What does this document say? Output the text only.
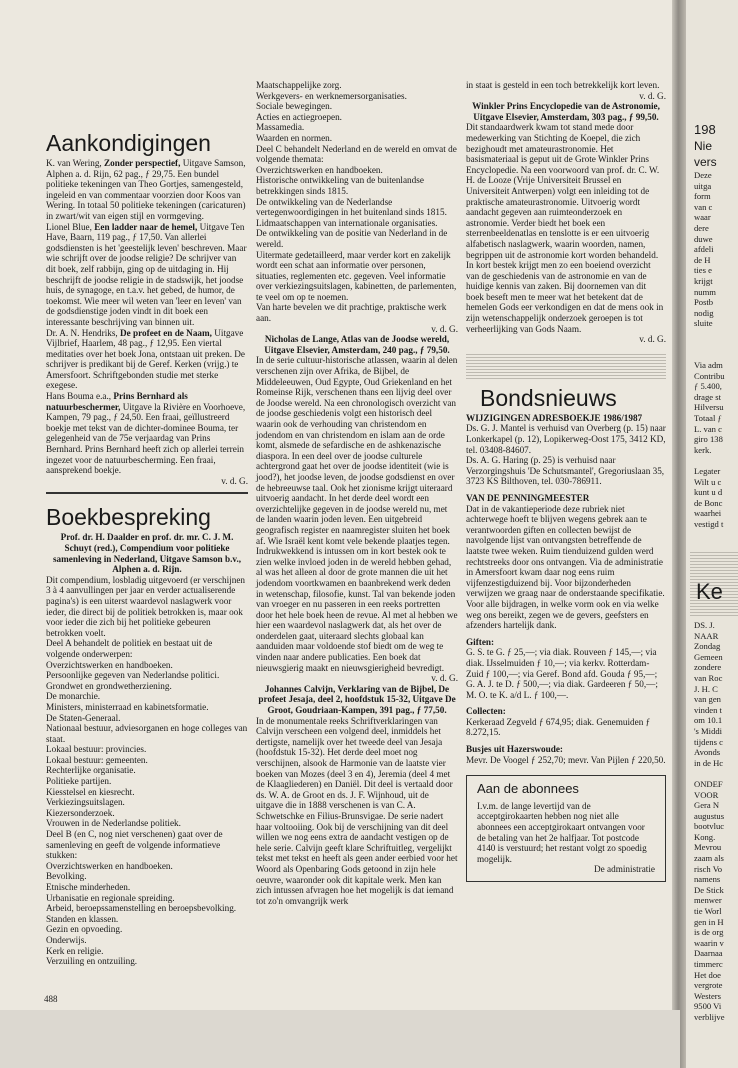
Aankondigingen

K. van Wering, Zonder perspectief, Uitgave Samson, Alphen a. d. Rijn, 62 pag., ƒ 29,75. Een bundel politieke tekeningen van Theo Gortjes, samengesteld, ingeleid en van commentaar voorzien door Koos van Wering. In totaal 50 politieke tekeningen (caricaturen) in zwart/wit van eigen stijl en vormgeving.

Lionel Blue, Een ladder naar de hemel, Uitgave Ten Have, Baarn, 119 pag., ƒ 17,50. Van allerlei godsdiensten is het 'geestelijk leven' beschreven. Maar wie schrijft over de joodse religie? De schrijver van dit boek, zelf rabbijn, ging op de uitdaging in. Hij beschrijft de joodse religie in de stadswijk, het joodse huis, de synagoge, en t.a.v. het gebed, de humor, de toekomst. Wie meer wil weten van 'leer en leven' van de godsdienstige joden vindt in dit boek een interessante beschrijving van binnen uit.

Dr. A. N. Hendriks, De profeet en de Naam, Uitgave Vijlbrief, Haarlem, 48 pag., ƒ 12,95. Een viertal meditaties over het boek Jona, ontstaan uit preken. De schrijver is predikant bij de Geref. Kerken (vrijg.) te Amersfoort. Schriftgebonden studie met sterke exegese.

Hans Bouma e.a., Prins Bernhard als natuurbeschermer, Uitgave la Rivière en Voorhoeve, Kampen, 79 pag., ƒ 24,50. Een fraai, geïllustreerd boekje met tekst van de dichter-dominee Bouma, ter gelegenheid van de 75e verjaardag van Prins Bernhard. Prins Bernhard heeft zich op allerlei terrein ingezet voor de natuurbescherming. Een fraai, aansprekend boekje.

v. d. G.

Boekbespreking

Prof. dr. H. Daalder en prof. dr. mr. C. J. M. Schuyt (red.), Compendium voor politieke samenleving in Nederland, Uitgave Samson b.v., Alphen a. d. Rijn.

Dit compendium, losbladig uitgevoerd (er verschijnen 3 à 4 aanvullingen per jaar en verder actualiserende pagina's) is een uiterst waardevol naslagwerk voor ieder, die direct bij de politiek betrokken is, maar ook voor ieder die zich bij het politieke gebeuren betrokken voelt.

Deel A behandelt de politiek en bestaat uit de volgende onderwerpen:

Overzichtswerken en handboeken.

Persoonlijke gegeven van Nederlandse politici.

Grondwet en grondwetherziening.

De monarchie.

Ministers, ministerraad en kabinetsformatie.

De Staten-Generaal.

Nationaal bestuur, adviesorganen en hoge colleges van staat.

Lokaal bestuur: provincies.

Lokaal bestuur: gemeenten.

Rechterlijke organisatie.

Politieke partijen.

Kiesstelsel en kiesrecht.

Verkiezingsuitslagen.

Kiezersonderzoek.

Vrouwen in de Nederlandse politiek.

Deel B (en C, nog niet verschenen) gaat over de samenleving en geeft de volgende informatieve stukken:

Overzichtswerken en handboeken.

Bevolking.

Etnische minderheden.

Urbanisatie en regionale spreiding.

Arbeid, beroepssamenstelling en beroepsbevolking.

Standen en klassen.

Gezin en opvoeding.

Onderwijs.

Kerk en religie.

Verzuiling en ontzuiling.

Maatschappelijke zorg.

Werkgevers- en werknemersorganisaties.

Sociale bewegingen.

Acties en actiegroepen.

Massamedia.

Waarden en normen.

Deel C behandelt Nederland en de wereld en omvat de volgende themata:

Overzichtswerken en handboeken.

Historische ontwikkeling van de buitenlandse betrekkingen sinds 1815.

De ontwikkeling van de Nederlandse vertegenwoordigingen in het buitenland sinds 1815.

Lidmaatschappen van internationale organisaties.

De ontwikkeling van de positie van Nederland in de wereld.

Uitermate gedetailleerd, maar verder kort en zakelijk wordt een schat aan informatie over personen, situaties, reglementen etc. gegeven. Veel informatie over verkiezingsuitslagen, kabinetten, de parlementen, te veel om op te noemen.

Van harte bevelen we dit prachtige, praktische werk aan.

v. d. G.

Nicholas de Lange, Atlas van de Joodse wereld, Uitgave Elsevier, Amsterdam, 240 pag., ƒ 79,50.

In de serie cultuur-historische atlassen, waarin al delen verschenen zijn over Afrika, de Bijbel, de Middeleeuwen, Oud Egypte, Oud Griekenland en het Romeinse Rijk, verschenen thans een lijvig deel over de Joodse wereld. Na een chronologisch overzicht van de joodse geschiedenis volgt een historisch deel waarin ook de verhouding van christendom en jodendom en van christendom en islam aan de orde komt, alsmede de sefardische en de ashkenazische diaspora. In een deel over de joodse culturele achtergrond gaat het over de joodse identiteit (wie is jood?), het joodse leven, de joodse godsdienst en over de hebreeuwse taal. Ook het zionisme krijgt uiteraard uitvoerig aandacht. In het derde deel wordt een overzichtelijke gegeven in de joodse wereld nu, met de landen waarin joden leven. Een uitgebreid geografisch register en naamregister sluiten het boek af. Wie Israël kent komt vele bekende plaatjes tegen. Indrukwekkend is intussen om in kort bestek ook te zien welke invloed joden in de wereld hebben gehad, al was het alleen al door de grote mannen die uit het jodendom voortkwamen en baanbrekend werk deden in wetenschap, filosofie, kunst. Tal van bekende joden van vroeger en nu passeren in een reeks portretten door het hele boek heen de revue. Al met al hebben we hier een waardevol naslagwerk dat, als het over de onderdelen gaat, uiteraard slechts globaal kan aanduiden maar voldoende stof biedt om de weg te vinden naar andere publicaties. Een boek dat nieuwsgierig maakt en nieuwsgierigheid bevredigt.

v. d. G.

Johannes Calvijn, Verklaring van de Bijbel, De profeet Jesaja, deel 2, hoofdstuk 15-32, Uitgave De Groot, Goudriaan-Kampen, 391 pag., ƒ 77,50.

In de monumentale reeks Schriftverklaringen van Calvijn verscheen een volgend deel, inmiddels het dertigste, namelijk over het tweede deel van Jesaja (hoofdstuk 15-32). Het derde deel moet nog verschijnen, alsook de Harmonie van de laatste vier boeken van Mozes (deel 3 en 4), Jeremia (deel 4 met de Klaagliederen) en Daniël. Dit deel is vertaald door ds. W. A. de Groot en ds. J. F. Wijnhoud, uit de uitgave die in 1888 verschenen is van C. A. Schwetschke en Filius-Brunsvigae. De serie nadert haar voltooiing. Ook bij de verschijning van dit deel willen we nog eens extra de aandacht vestigen op de hele serie. Calvijn geeft klare Schriftuitleg, vergelijkt tekst met tekst en heeft als geen ander eerbied voor het Woord als Openbaring Gods getoond in zijn hele oeuvre, waaronder ook dit kapitale werk. Men kan zich intussen afvragen hoe het mogelijk is dat iemand tot zo'n omvangrijk werk

in staat is gesteld in een toch betrekkelijk kort leven.

v. d. G.

Winkler Prins Encyclopedie van de Astronomie, Uitgave Elsevier, Amsterdam, 303 pag., ƒ 99,50.

Dit standaardwerk kwam tot stand mede door medewerking van Stichting de Koepel, die zich bezighoudt met amateurastronomie. Het basismateriaal is geput uit de Grote Winkler Prins Encyclopedie. Na een voorwoord van prof. dr. C. W. H. de Looze (Vrije Universiteit Brussel en Universiteit Antwerpen) volgt een inleiding tot de praktische amateurastronomie. Uitvoerig wordt aandacht gegeven aan ruimteonderzoek en astronomie. Verder biedt het boek een sterrenbeeldenatlas en tenslotte is er een uitvoerig alfabetisch naslagwerk, waarin woorden, namen, begrippen uit de astronomie kort worden behandeld. In kort bestek krijgt men zo een boeiend overzicht van de geschiedenis van de astronomie en van de huidige kennis van zaken. Bij doornemen van dit boek beseft men te meer wat het betekent dat de hemelen Gods eer verkondigen en dat de mens ook in zijn wetenschappelijk onderzoek geroepen is tot verheerlijking van Gods Naam.

v. d. G.

Bondsnieuws

WIJZIGINGEN ADRESBOEKJE 1986/1987

Ds. G. J. Mantel is verhuisd van Overberg (p. 15) naar Lonkerkapel (p. 12), Lopikerweg-Oost 175, 3412 KD, tel. 03408-84607.

Ds. A. G. Haring (p. 25) is verhuisd naar Verzorgingshuis 'De Schutsmantel', Gregoriuslaan 35, 3723 KS Bilthoven, tel. 030-786911.

VAN DE PENNINGMEESTER

Dat in de vakantieperiode deze rubriek niet achterwege hoeft te blijven wegens gebrek aan te verantwoorden giften en collecten bewijst de navolgende lijst van ontvangsten betreffende de laatste twee weken. Ruim tienduizend gulden werd rechtstreeks door ons ontvangen. Via de administratie in Amersfoort kwam daar nog eens ruim vijfenzestigduizend bij. Voor bijzonderheden verwijzen we graag naar de onderstaande specifikatie. Voor alle bijdragen, in welke vorm ook en via welke weg ons bereikt, zegen we de gevers, geefsters en afzenders hartelijk dank.

Giften:

G. S. te G. ƒ 25,—; via diak. Rouveen ƒ 145,—; via diak. IJsselmuiden ƒ 10,—; via kerkv. Rotterdam-Zuid ƒ 100,—; via Geref. Bond afd. Gouda ƒ 95,—; G. A. J. te D. ƒ 500,—; via diak. Gardeeren ƒ 50,—; M. O. te K. a/d L. ƒ 100,—.

Collecten:

Kerkeraad Zegveld ƒ 674,95; diak. Genemuiden ƒ 8.272,15.

Busjes uit Hazerswoude:

Mevr. De Voogel ƒ 252,70; mevr. Van Pijlen ƒ 220,50.

Aan de abonnees

I.v.m. de lange levertijd van de acceptgirokaarten hebben nog niet alle abonnees een acceptgirokaart ontvangen voor de betaling van het 2e halfjaar. Tot postcode 4140 is verstuurd; het restant volgt zo spoedig mogelijk.

De administratie

488
198
Nie
vers
Deze
uitga
form
van c
waar
dere
duwe
afdeli
de H
ties e
krijgt
numm
Postb
nodig
sluite
Via adm
Contribu
ƒ 5.400,
drage st
Hilversu
Totaal ƒ
L. van c
giro 138
kerk.

Legater
Wilt u c
kunt u d
de Bonc
waarhei
vestigd t
Ke
DS. J.
NAAR
Zondag
Gemeen
zondere
van Roc
J. H. C
van gen
vinden t
om 10.1
's Middi
tijdens c
Avonds
in de Hc

ONDEF
VOOR
Gera N
augustus
bootvluc
Kong.
Mevrou
zaam als
risch Vo
namens
De Stick
menwer
tie Worl
gen in H
is de org
waarin v
Daarnaa
timmerc
Het doe
vergrote
Westers
9500 Vi
verblijve
